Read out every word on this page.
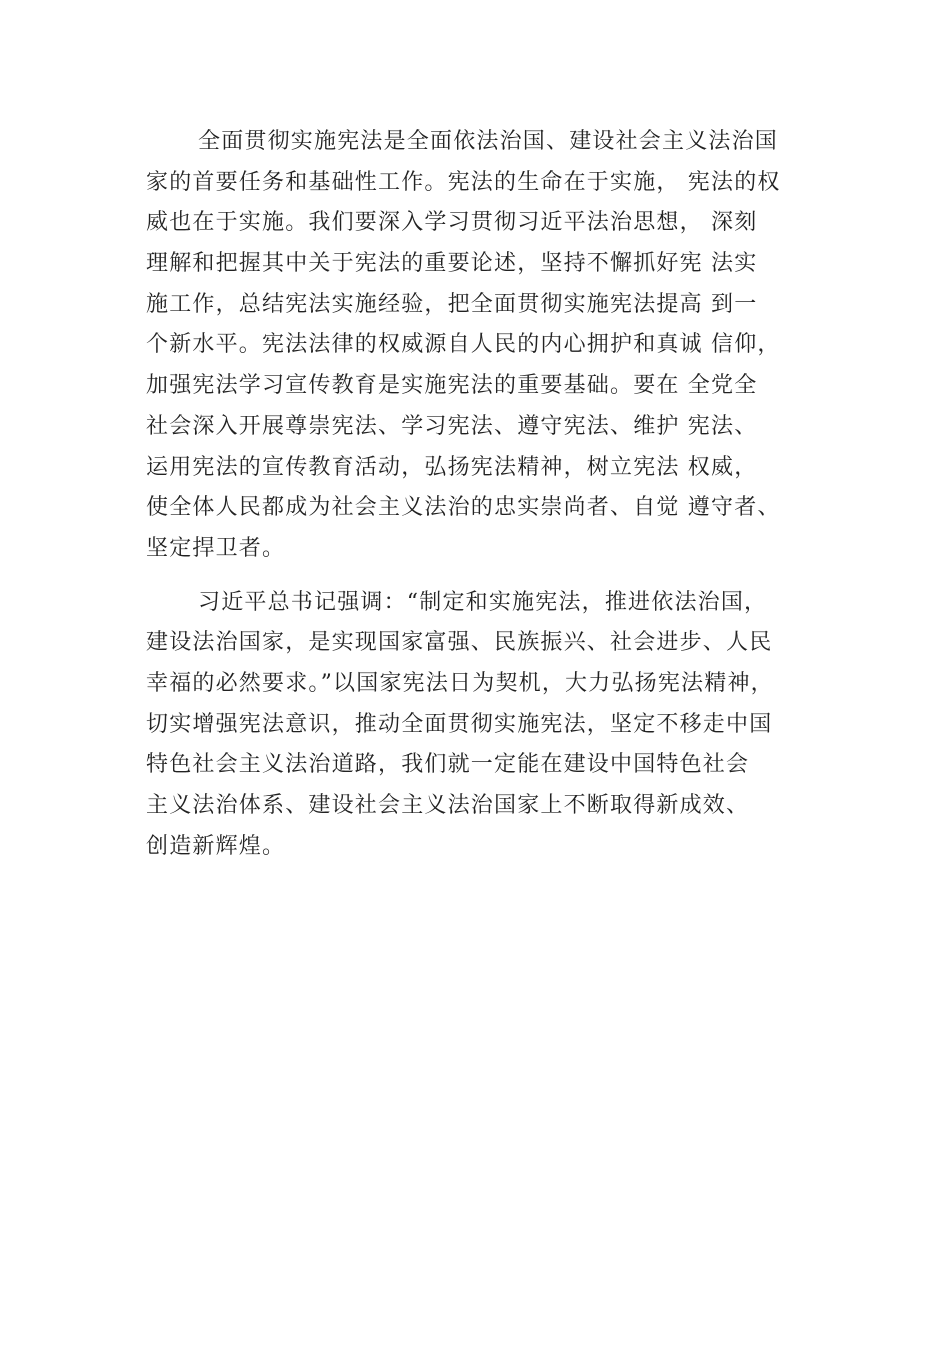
全面贯彻实施宪法是全面依法治国、建设社会主义法治国
家的首要任务和基础性工作。宪法的生命在于实施， 宪法的权
威也在于实施。我们要深入学习贯彻习近平法治思想， 深刻
理解和把握其中关于宪法的重要论述，坚持不懈抓好宪 法实
施工作，总结宪法实施经验，把全面贯彻实施宪法提高 到一
个新水平。宪法法律的权威源自人民的内心拥护和真诚 信仰，
加强宪法学习宣传教育是实施宪法的重要基础。要在 全党全
社会深入开展尊崇宪法、学习宪法、遵守宪法、维护 宪法、
运用宪法的宣传教育活动，弘扬宪法精神，树立宪法 权威，
使全体人民都成为社会主义法治的忠实崇尚者、自觉 遵守者、
坚定捍卫者。
习近平总书记强调：“制定和实施宪法，推进依法治国，
建设法治国家，是实现国家富强、民族振兴、社会进步、人民
幸福的必然要求。”以国家宪法日为契机，大力弘扬宪法精神，
切实增强宪法意识，推动全面贯彻实施宪法，坚定不移走中国
特色社会主义法治道路，我们就一定能在建设中国特色社会
主义法治体系、建设社会主义法治国家上不断取得新成效、
创造新辉煌。
